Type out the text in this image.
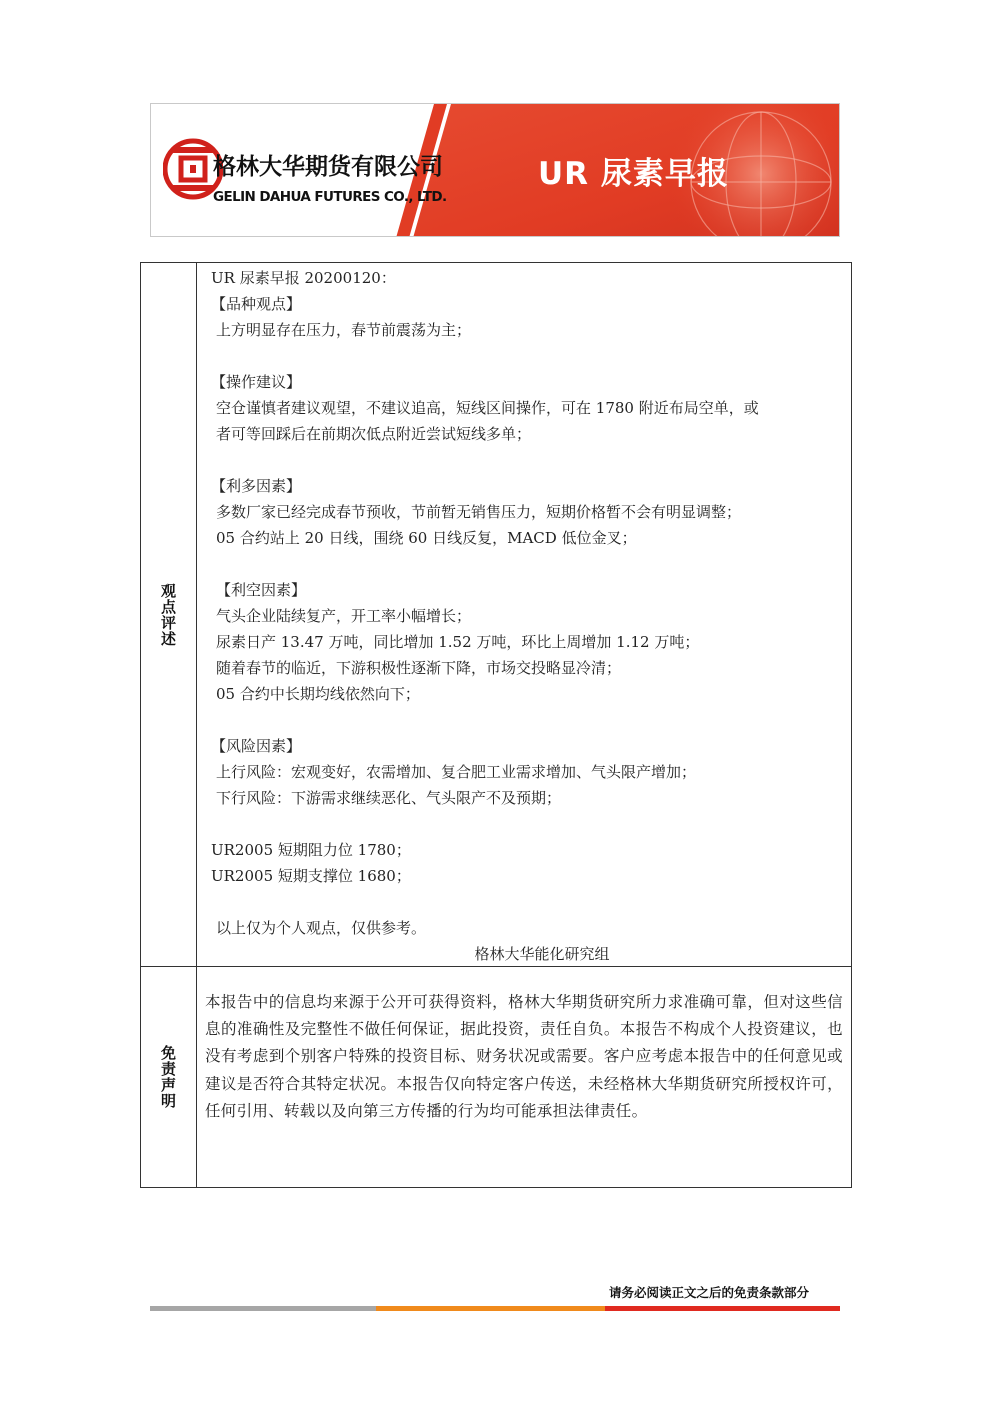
格林大华期货有限公司
GELIN DAHUA FUTURES CO., LTD.
UR 尿素早报
观点评述
UR 尿素早报 20200120：
【品种观点】
上方明显存在压力，春节前震荡为主；
【操作建议】
空仓谨慎者建议观望，不建议追高，短线区间操作，可在 1780 附近布局空单，或
者可等回踩后在前期次低点附近尝试短线多单；
【利多因素】
多数厂家已经完成春节预收，节前暂无销售压力，短期价格暂不会有明显调整；
05 合约站上 20 日线，围绕 60 日线反复，MACD 低位金叉；
【利空因素】
气头企业陆续复产，开工率小幅增长；
尿素日产 13.47 万吨，同比增加 1.52 万吨，环比上周增加 1.12 万吨；
随着春节的临近，下游积极性逐渐下降，市场交投略显冷清；
05 合约中长期均线依然向下；
【风险因素】
上行风险：宏观变好，农需增加、复合肥工业需求增加、气头限产增加；
下行风险：下游需求继续恶化、气头限产不及预期；
UR2005 短期阻力位 1780；
UR2005 短期支撑位 1680；
以上仅为个人观点，仅供参考。
格林大华能化研究组
免责声明

本报告中的信息均来源于公开可获得资料，格林大华期货研究所力求准确可靠，但对这些信息的准确性及完整性不做任何保证，据此投资，责任自负。本报告不构成个人投资建议，也没有考虑到个别客户特殊的投资目标、财务状况或需要。客户应考虑本报告中的任何意见或建议是否符合其特定状况。本报告仅向特定客户传送，未经格林大华期货研究所授权许可，任何引用、转载以及向第三方传播的行为均可能承担法律责任。

请务必阅读正文之后的免责条款部分
